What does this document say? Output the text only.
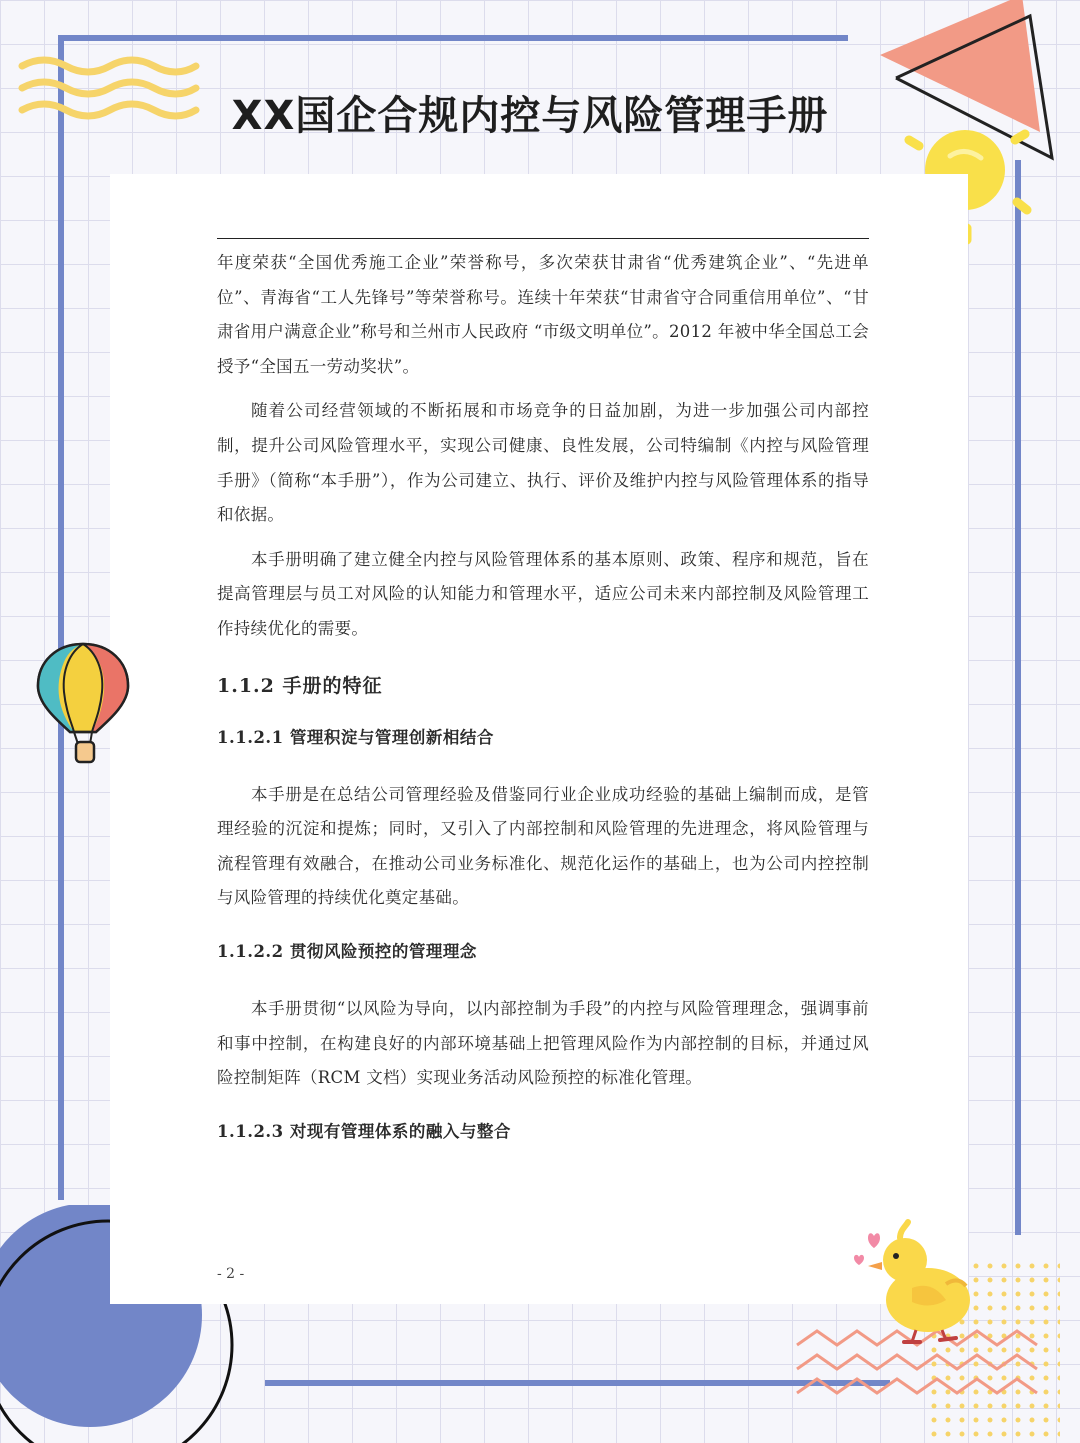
年度荣获“全国优秀施工企业”荣誉称号，多次荣获甘肃省“优秀建筑企业”、“先进单位”、青海省“工人先锋号”等荣誉称号。连续十年荣获“甘肃省守合同重信用单位”、“甘肃省用户满意企业”称号和兰州市人民政府 “市级文明单位”。2012 年被中华全国总工会授予“全国五一劳动奖状”。

随着公司经营领域的不断拓展和市场竞争的日益加剧，为进一步加强公司内部控制，提升公司风险管理水平，实现公司健康、良性发展，公司特编制《内控与风险管理手册》（简称“本手册”），作为公司建立、执行、评价及维护内控与风险管理体系的指导和依据。

本手册明确了建立健全内控与风险管理体系的基本原则、政策、程序和规范，旨在提高管理层与员工对风险的认知能力和管理水平，适应公司未来内部控制及风险管理工作持续优化的需要。

1.1.2 手册的特征
1.1.2.1 管理积淀与管理创新相结合

本手册是在总结公司管理经验及借鉴同行业企业成功经验的基础上编制而成，是管理经验的沉淀和提炼；同时，又引入了内部控制和风险管理的先进理念，将风险管理与流程管理有效融合，在推动公司业务标准化、规范化运作的基础上，也为公司内控控制与风险管理的持续优化奠定基础。

1.1.2.2 贯彻风险预控的管理理念

本手册贯彻“以风险为导向，以内部控制为手段”的内控与风险管理理念，强调事前和事中控制，在构建良好的内部环境基础上把管理风险作为内部控制的目标，并通过风险控制矩阵（RCM 文档）实现业务活动风险预控的标准化管理。

1.1.2.3 对现有管理体系的融入与整合
- 2 -
XX国企合规内控与风险管理手册
